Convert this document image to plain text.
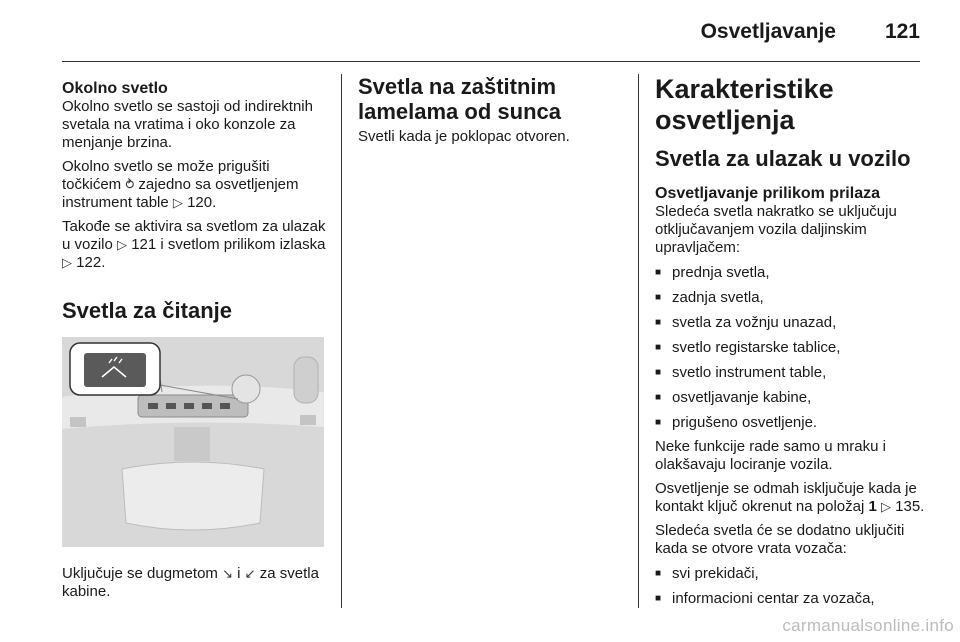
Osvetljavanje 121
Okolno svetlo

Okolno svetlo se sastoji od indirektnih svetala na vratima i oko konzole za menjanje brzina.

Okolno svetlo se može prigušiti točkićem ⥁ zajedno sa osvetljenjem instrument table ▷ 120.

Takođe se aktivira sa svetlom za ulazak u vozilo ▷ 121 i svetlom prilikom izlaska ▷ 122.

Svetla za čitanje

Uključuje se dugmetom ↘ i ↙ za svetla kabine.

Svetla na zaštitnim lamelama od sunca

Svetli kada je poklopac otvoren.

Karakteristike osvetljenja
Svetla za ulazak u vozilo
Osvetljavanje prilikom prilaza

Sledeća svetla nakratko se uključuju otključavanjem vozila daljinskim upravljačem:

■ prednja svetla,
■ zadnja svetla,
■ svetla za vožnju unazad,
■ svetlo registarske tablice,
■ svetlo instrument table,
■ osvetljavanje kabine,
■ prigušeno osvetljenje.

Neke funkcije rade samo u mraku i olakšavaju lociranje vozila.

Osvetljenje se odmah isključuje kada je kontakt ključ okrenut na položaj 1 ▷ 135.

Sledeća svetla će se dodatno uključiti kada se otvore vrata vozača:

■ svi prekidači,
■ informacioni centar za vozača,
carmanualsonline.info
